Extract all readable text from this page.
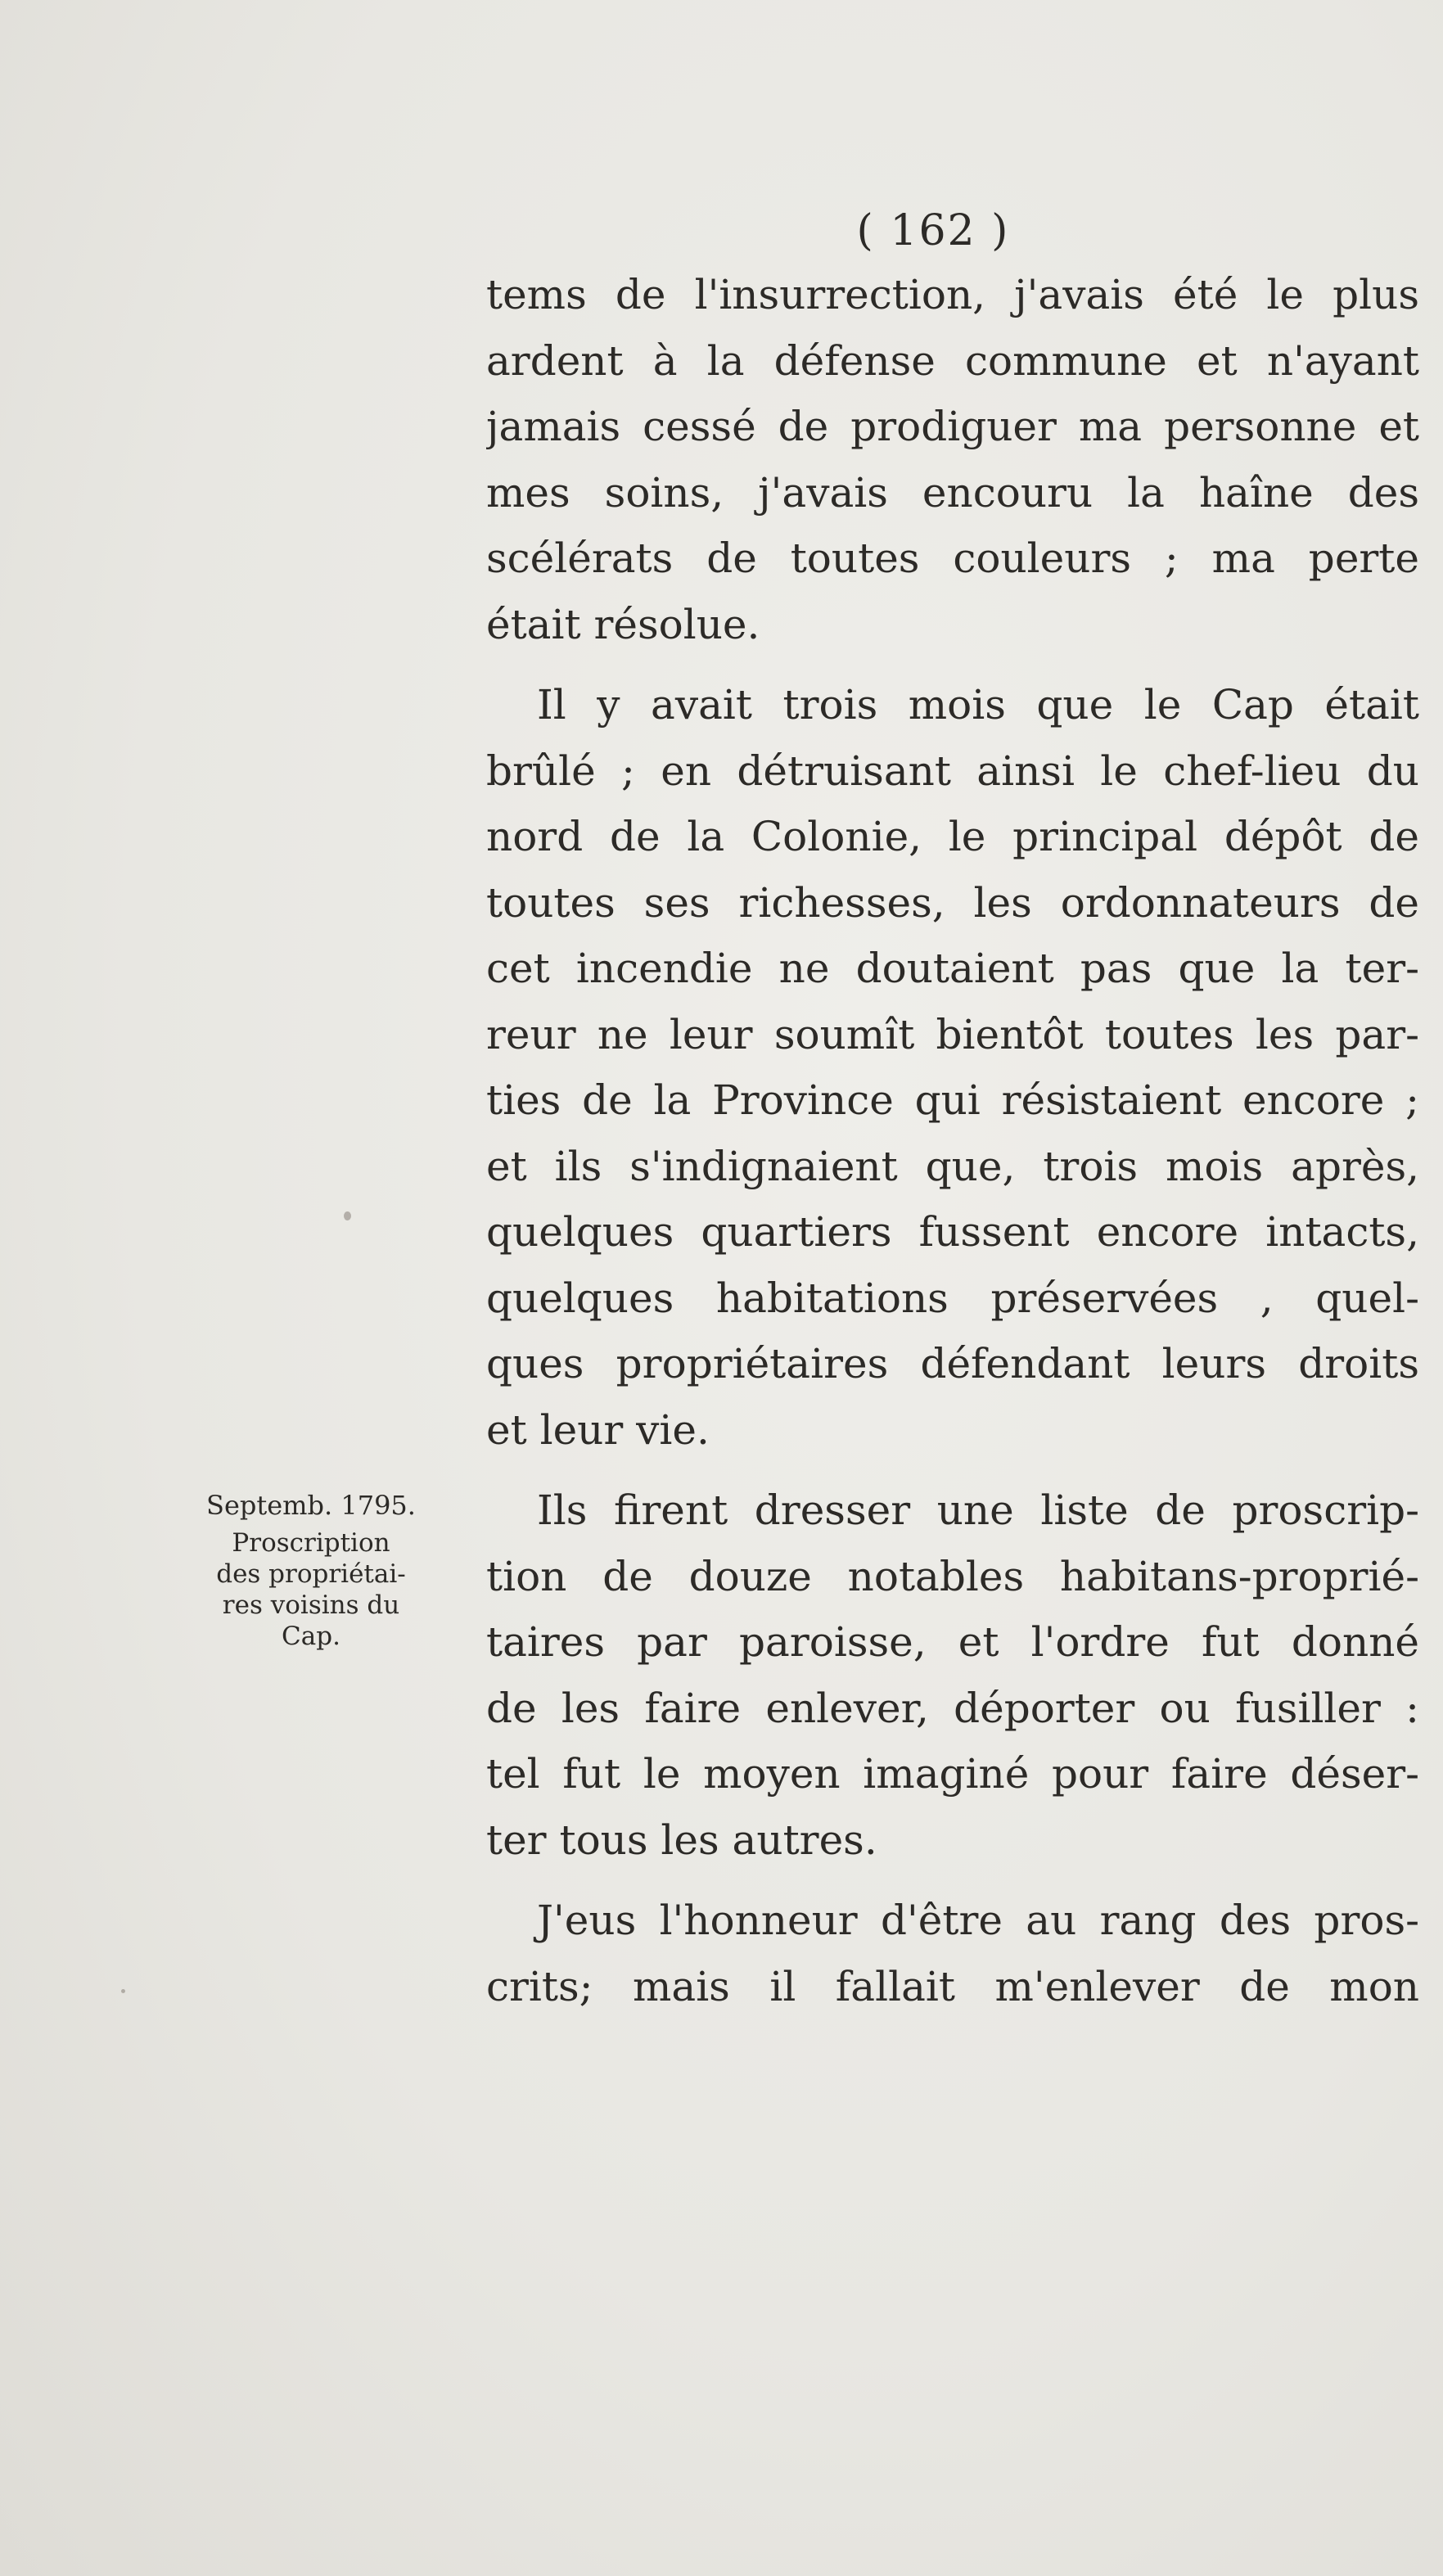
( 162 )
tems de l'insurrection, j'avais été le plus
ardent à la défense commune et n'ayant
jamais cessé de prodiguer ma personne et
mes soins, j'avais encouru la haîne des
scélérats de toutes couleurs ; ma perte
était résolue.
Il y avait trois mois que le Cap était
brûlé ; en détruisant ainsi le chef-lieu du
nord de la Colonie, le principal dépôt de
toutes ses richesses, les ordonnateurs de
cet incendie ne doutaient pas que la ter-
reur ne leur soumît bientôt toutes les par-
ties de la Province qui résistaient encore ;
et ils s'indignaient que, trois mois après,
quelques quartiers fussent encore intacts,
quelques habitations préservées , quel-
ques propriétaires défendant leurs droits
et leur vie.
Ils firent dresser une liste de proscrip-
tion de douze notables habitans-proprié-
taires par paroisse, et l'ordre fut donné
de les faire enlever, déporter ou fusiller :
tel fut le moyen imaginé pour faire déser-
ter tous les autres.
J'eus l'honneur d'être au rang des pros-
crits; mais il fallait m'enlever de mon
Septemb. 1795.
Proscription
des propriétai-
res voisins du
Cap.
